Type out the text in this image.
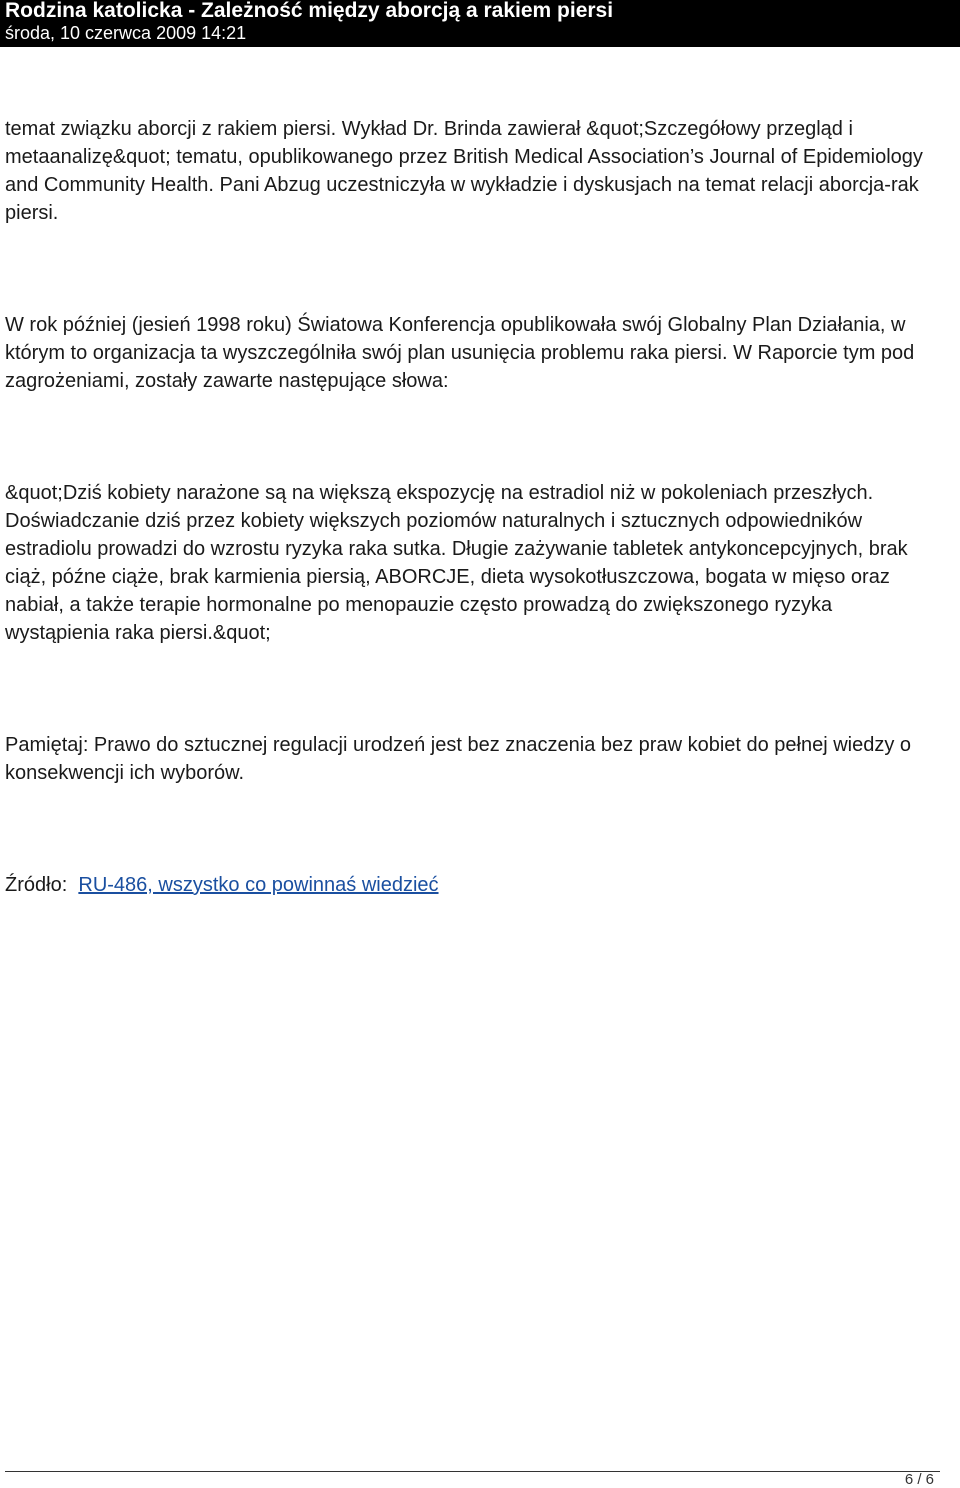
Rodzina katolicka - Zależność między aborcją a rakiem piersi
środa, 10 czerwca 2009 14:21

temat związku aborcji z rakiem piersi. Wykład Dr. Brinda zawierał &quot;Szczegółowy przegląd i metaanalizę&quot; tematu, opublikowanego przez British Medical Association’s Journal of Epidemiology and Community Health. Pani Abzug uczestniczyła w wykładzie i dyskusjach na temat relacji aborcja-rak piersi.

W rok później (jesień 1998 roku) Światowa Konferencja opublikowała swój Globalny Plan Działania, w którym to organizacja ta wyszczególniła swój plan usunięcia problemu raka piersi. W Raporcie tym pod zagrożeniami, zostały zawarte następujące słowa:

&quot;Dziś kobiety narażone są na większą ekspozycję na estradiol niż w pokoleniach przeszłych. Doświadczanie dziś przez kobiety większych poziomów naturalnych i sztucznych odpowiedników estradiolu prowadzi do wzrostu ryzyka raka sutka. Długie zażywanie tabletek antykoncepcyjnych, brak ciąż, późne ciąże, brak karmienia piersią, ABORCJE, dieta wysokotłuszczowa, bogata w mięso oraz nabiał, a także terapie hormonalne po menopauzie często prowadzą do zwiększonego ryzyka wystąpienia raka piersi.&quot;

Pamiętaj: Prawo do sztucznej regulacji urodzeń jest bez znaczenia bez praw kobiet do pełnej wiedzy o konsekwencji ich wyborów.

Źródło: RU-486, wszystko co powinnaś wiedzieć

6 / 6
